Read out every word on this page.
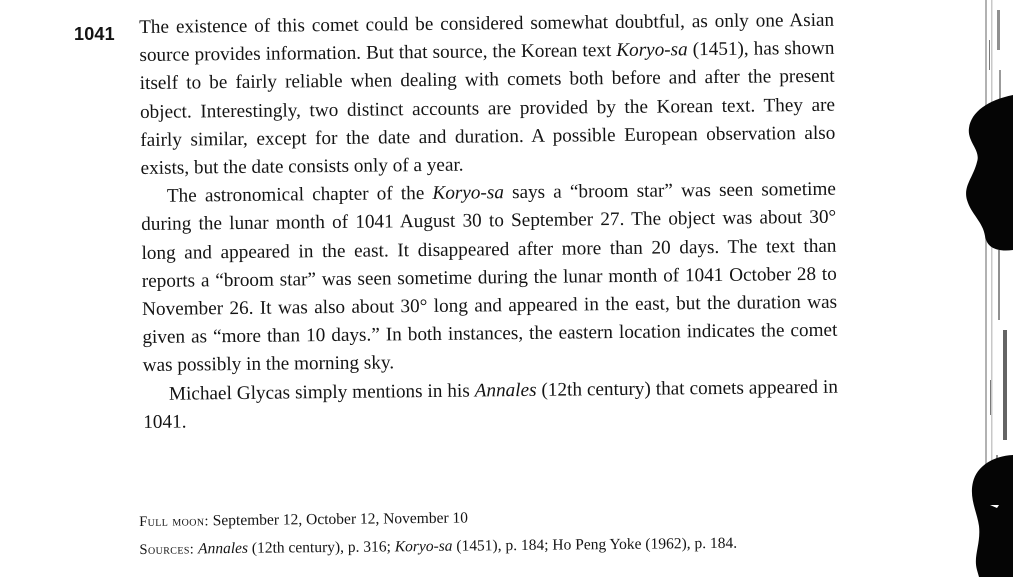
1041 The existence of this comet could be considered somewhat doubtful, as only one Asian source provides information. But that source, the Korean text Koryo-sa (1451), has shown itself to be fairly reliable when dealing with comets both before and after the present object. Interestingly, two distinct accounts are provided by the Korean text. They are fairly similar, except for the date and duration. A possible European observation also exists, but the date consists only of a year.

The astronomical chapter of the Koryo-sa says a “broom star” was seen sometime during the lunar month of 1041 August 30 to September 27. The object was about 30° long and appeared in the east. It disappeared after more than 20 days. The text than reports a “broom star” was seen sometime during the lunar month of 1041 October 28 to November 26. It was also about 30° long and appeared in the east, but the duration was given as “more than 10 days.” In both instances, the eastern location indicates the comet was possibly in the morning sky.

Michael Glycas simply mentions in his Annales (12th century) that comets appeared in 1041.

Full moon: September 12, October 12, November 10
Sources: Annales (12th century), p. 316; Koryo-sa (1451), p. 184; Ho Peng Yoke (1962), p. 184.
